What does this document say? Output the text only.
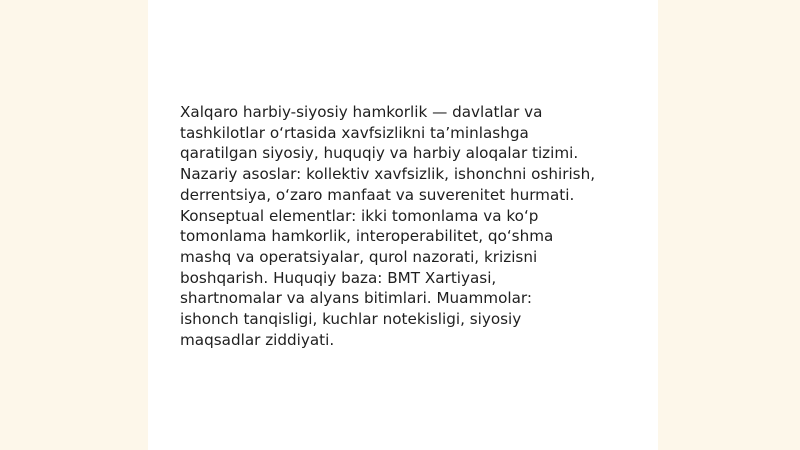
Xalqaro harbiy-siyosiy hamkorlik — davlatlar va
tashkilotlar o‘rtasida xavfsizlikni ta’minlashga
qaratilgan siyosiy, huquqiy va harbiy aloqalar tizimi.
Nazariy asoslar: kollektiv xavfsizlik, ishonchni oshirish,
derrentsiya, o‘zaro manfaat va suverenitet hurmati.
Konseptual elementlar: ikki tomonlama va ko‘p
tomonlama hamkorlik, interoperabilitet, qo‘shma
mashq va operatsiyalar, qurol nazorati, krizisni
boshqarish. Huquqiy baza: BMT Xartiyasi,
shartnomalar va alyans bitimlari. Muammolar:
ishonch tanqisligi, kuchlar notekisligi, siyosiy
maqsadlar ziddiyati.
